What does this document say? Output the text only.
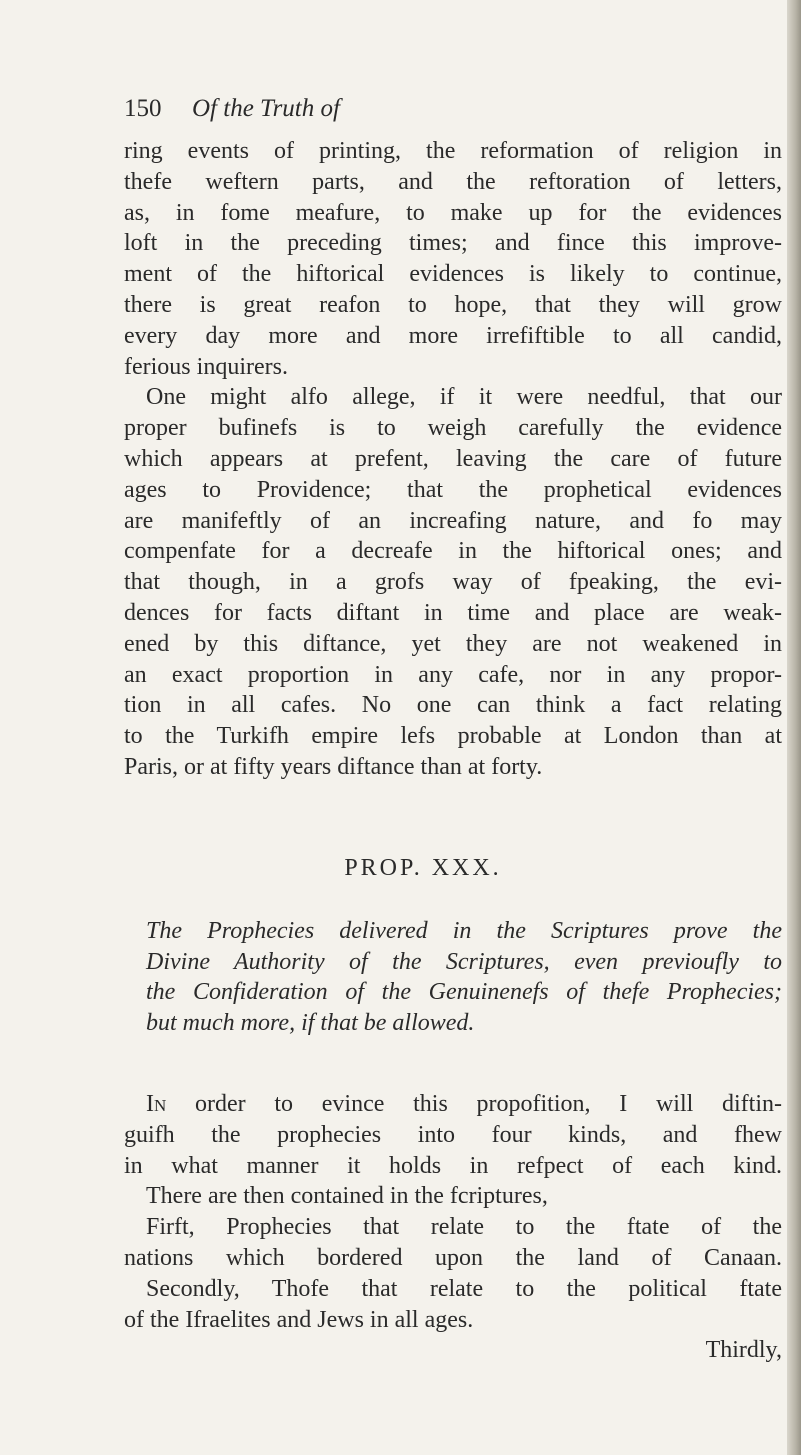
150 Of the Truth of
ring events of printing, the reformation of religion in
thefe weftern parts, and the reftoration of letters,
as, in fome meafure, to make up for the evidences
loft in the preceding times; and fince this improve-
ment of the hiftorical evidences is likely to continue,
there is great reafon to hope, that they will grow
every day more and more irrefiftible to all candid,
ferious inquirers.
One might alfo allege, if it were needful, that our
proper bufinefs is to weigh carefully the evidence
which appears at prefent, leaving the care of future
ages to Providence; that the prophetical evidences
are manifeftly of an increafing nature, and fo may
compenfate for a decreafe in the hiftorical ones; and
that though, in a grofs way of fpeaking, the evi-
dences for facts diftant in time and place are weak-
ened by this diftance, yet they are not weakened in
an exact proportion in any cafe, nor in any propor-
tion in all cafes. No one can think a fact relating
to the Turkifh empire lefs probable at London than at
Paris, or at fifty years diftance than at forty.
PROP. XXX.
The Prophecies delivered in the Scriptures prove the
Divine Authority of the Scriptures, even previoufly to
the Confideration of the Genuinenefs of thefe Prophecies;
but much more, if that be allowed.
In order to evince this propofition, I will diftin-
guifh the prophecies into four kinds, and fhew
in what manner it holds in refpect of each kind.
There are then contained in the fcriptures,
Firft, Prophecies that relate to the ftate of the
nations which bordered upon the land of Canaan.
Secondly, Thofe that relate to the political ftate
of the Ifraelites and Jews in all ages.
Thirdly,
